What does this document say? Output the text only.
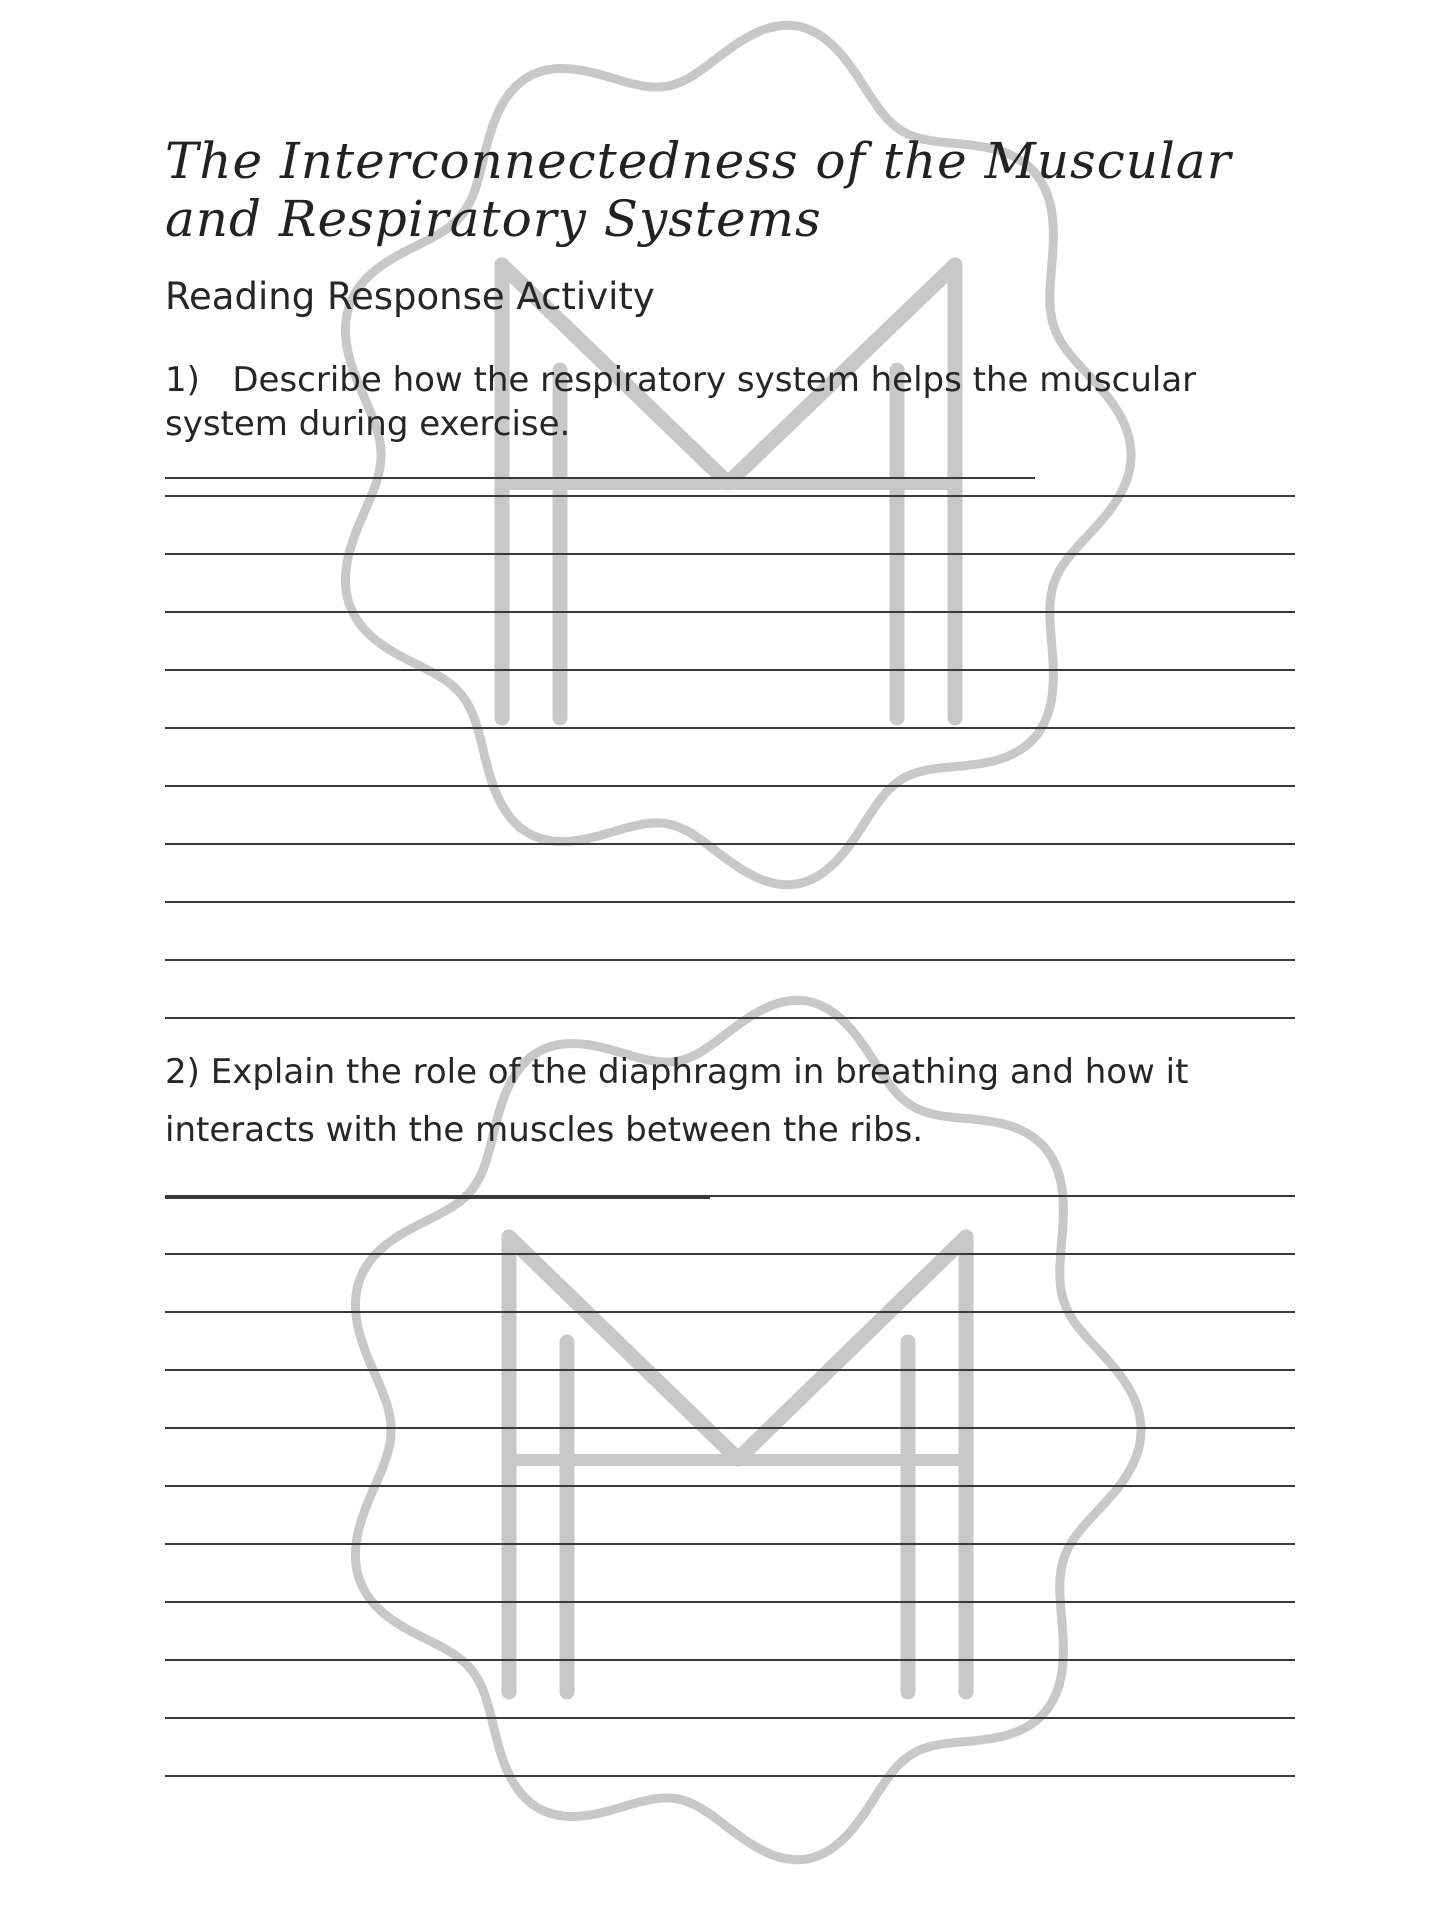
The Interconnectedness of the Muscular and Respiratory Systems
Reading Response Activity

1) Describe how the respiratory system helps the muscular system during exercise.

2) Explain the role of the diaphragm in breathing and how it interacts with the muscles between the ribs.
